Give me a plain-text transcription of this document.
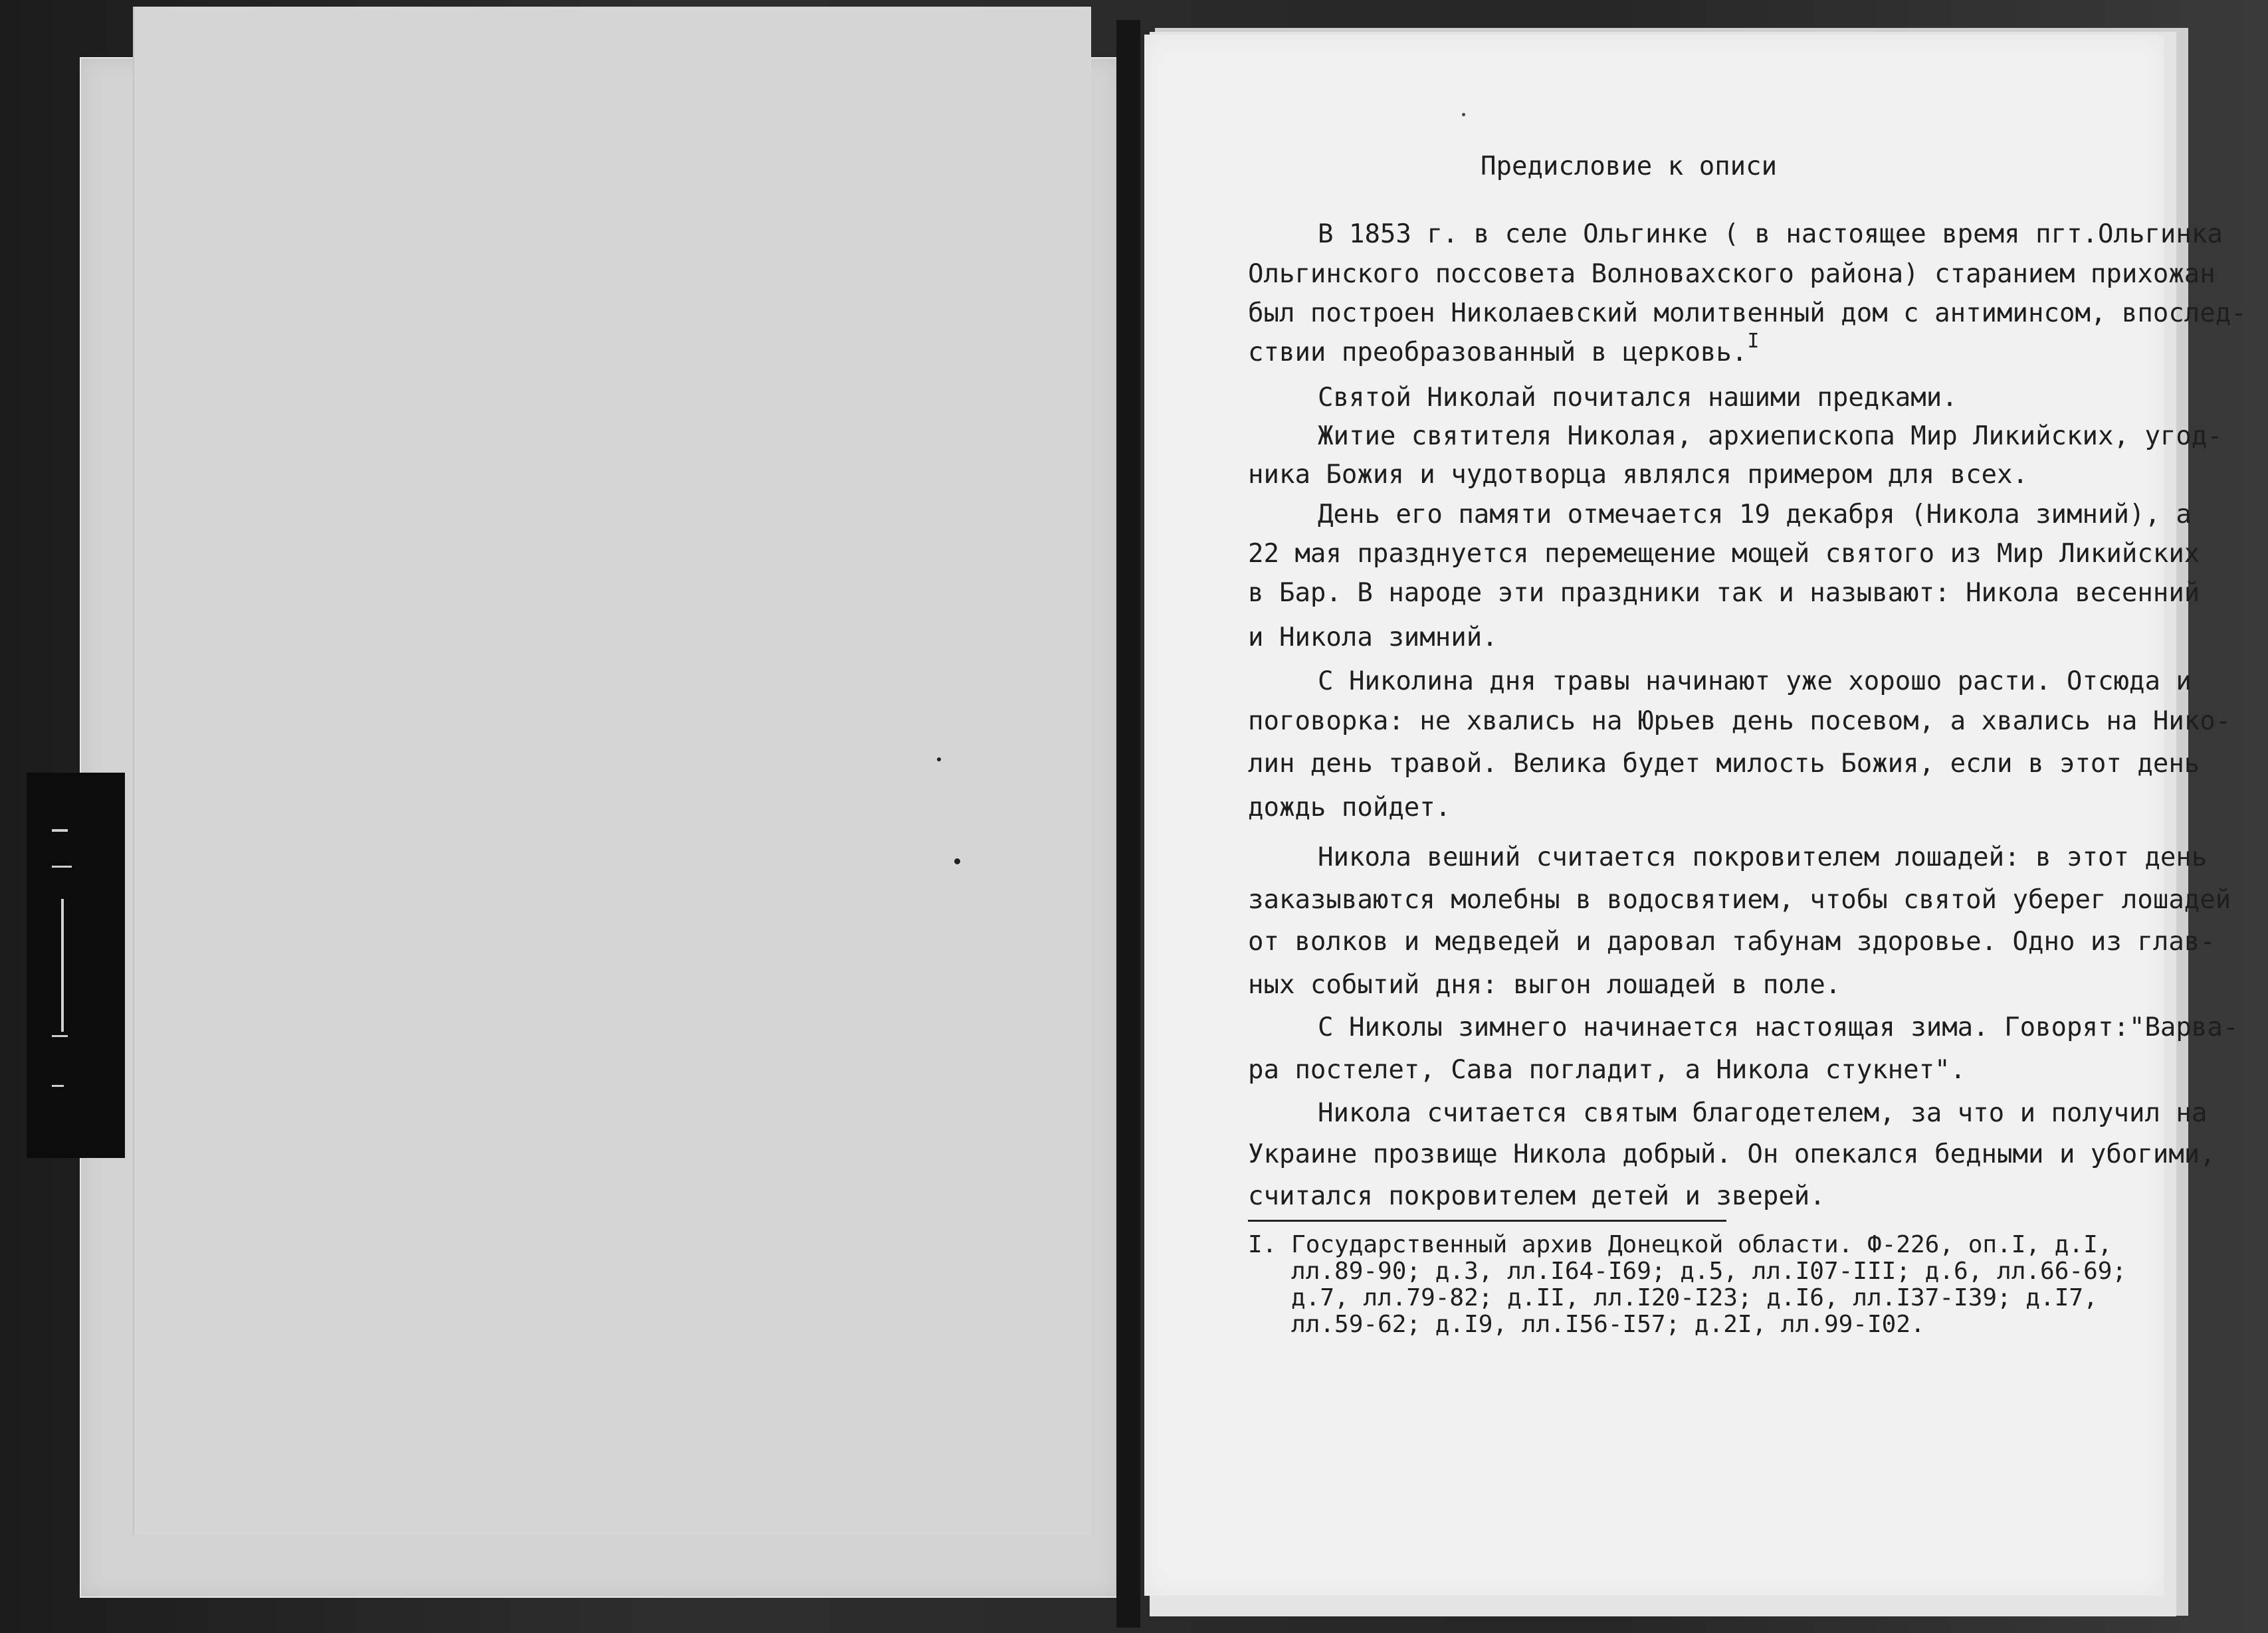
Предисловие к описи
В 1853 г. в селе Ольгинке ( в настоящее время пгт.Ольгинка
Ольгинского поссовета Волновахского района) старанием прихожан
был построен Николаевский молитвенный дом с антиминсом, впослед-
ствии преобразованный в церковь.$^I$
Святой Николай почитался нашими предками.
Житие святителя Николая, архиепископа Мир Ликийских, угод-
ника Божия и чудотворца являлся примером для всех.
День его памяти отмечается 19 декабря (Никола зимний), а
22 мая празднуется перемещение мощей святого из Мир Ликийских
в Бар. В народе эти праздники так и называют: Никола весенний
и Никола зимний.
С Николина дня травы начинают уже хорошо расти. Отсюда и
поговорка: не хвались на Юрьев день посевом, а хвались на Нико-
лин день травой. Велика будет милость Божия, если в этот день
дождь пойдет.
Никола вешний считается покровителем лошадей: в этот день
заказываются молебны в водосвятием, чтобы святой уберег лошадей
от волков и медведей и даровал табунам здоровье. Одно из глав-
ных событий дня: выгон лошадей в поле.
С Николы зимнего начинается настоящая зима. Говорят:"Варва-
ра постелет, Сава погладит, а Никола стукнет".
Никола считается святым благодетелем, за что и получил на
Украине прозвище Никола добрый. Он опекался бедными и убогими,
считался покровителем детей и зверей.
I. Государственный архив Донецкой области. Ф-226, оп.I, д.I,
лл.89-90; д.3, лл.I64-I69; д.5, лл.I07-III; д.6, лл.66-69;
д.7, лл.79-82; д.II, лл.I20-I23; д.I6, лл.I37-I39; д.I7,
лл.59-62; д.I9, лл.I56-I57; д.2I, лл.99-I02.
